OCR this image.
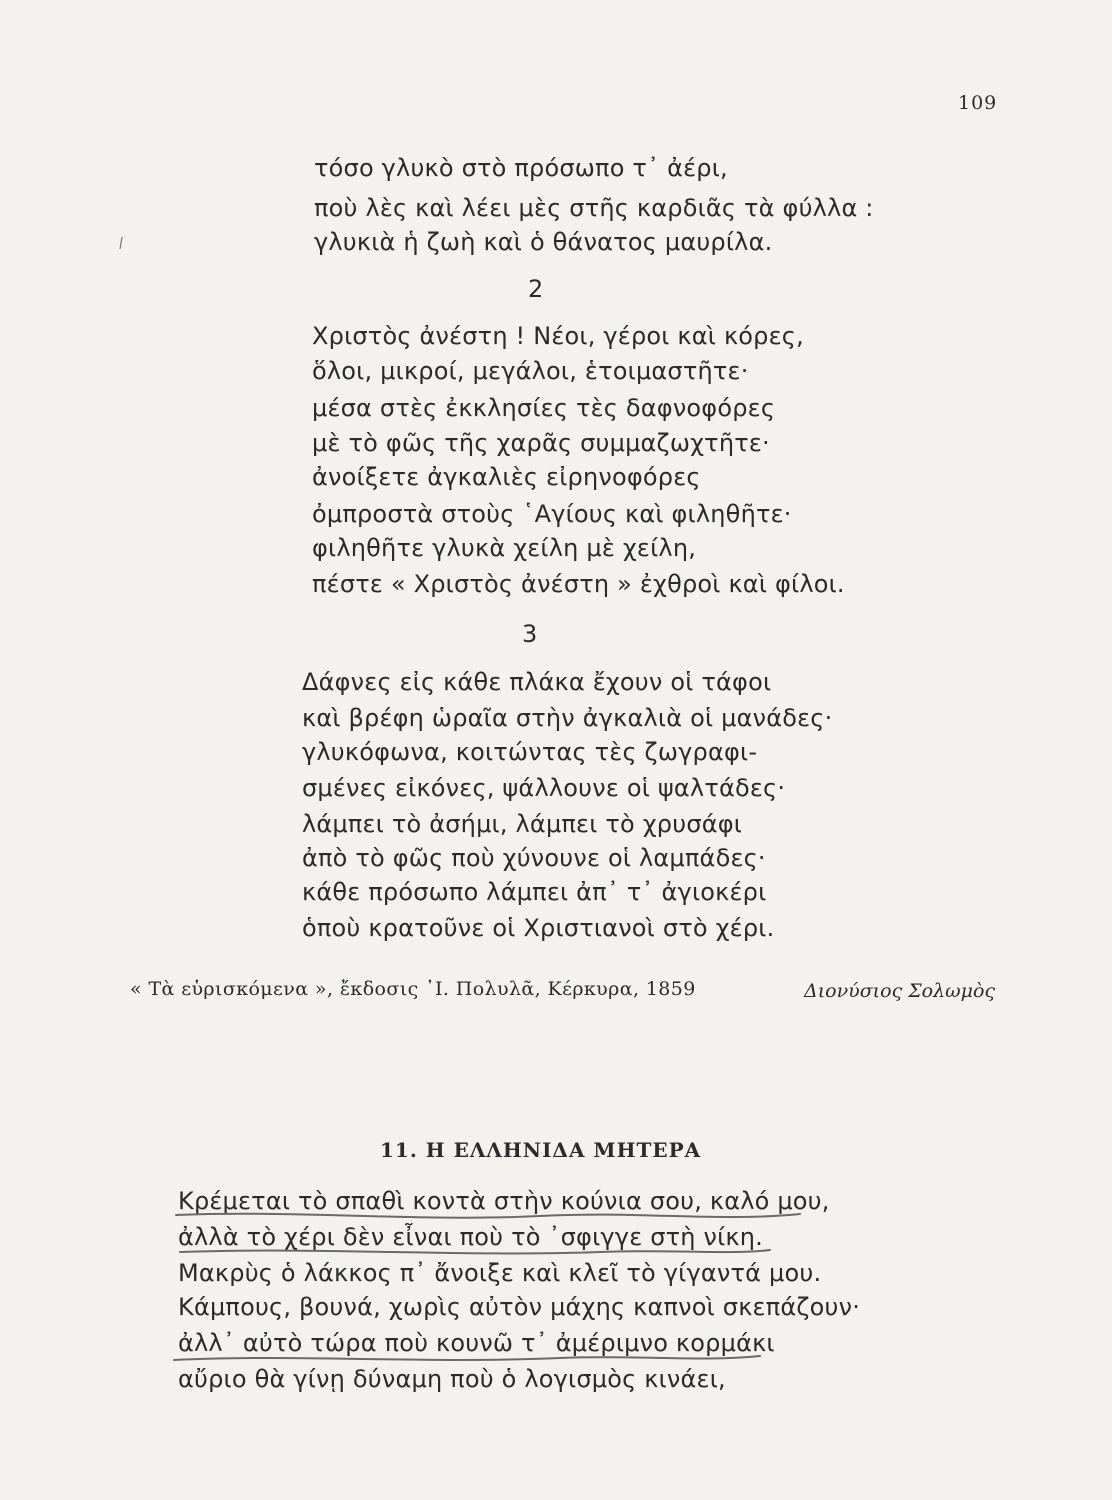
109
τόσο γλυκὸ στὸ πρόσωπο τ᾽ ἀέρι,
ποὺ λὲς καὶ λέει μὲς στῆς καρδιᾶς τὰ φύλλα :
γλυκιὰ ἡ ζωὴ καὶ ὁ θάνατος μαυρίλα.
2
Χριστὸς ἀνέστη ! Νέοι, γέροι καὶ κόρες,
ὅλοι, μικροί, μεγάλοι, ἑτοιμαστῆτε·
μέσα στὲς ἐκκλησίες τὲς δαφνοφόρες
μὲ τὸ φῶς τῆς χαρᾶς συμμαζωχτῆτε·
ἀνοίξετε ἀγκαλιὲς εἰρηνοφόρες
ὀμπροστὰ στοὺς ῾Αγίους καὶ φιληθῆτε·
φιληθῆτε γλυκὰ χείλη μὲ χείλη,
πέστε « Χριστὸς ἀνέστη » ἐχθροὶ καὶ φίλοι.
3
Δάφνες εἰς κάθε πλάκα ἔχουν οἱ τάφοι
καὶ βρέφη ὡραῖα στὴν ἀγκαλιὰ οἱ μανάδες·
γλυκόφωνα, κοιτώντας τὲς ζωγραφι-
σμένες εἰκόνες, ψάλλουνε οἱ ψαλτάδες·
λάμπει τὸ ἀσήμι, λάμπει τὸ χρυσάφι
ἀπὸ τὸ φῶς ποὺ χύνουνε οἱ λαμπάδες·
κάθε πρόσωπο λάμπει ἀπ᾽ τ᾽ ἀγιοκέρι
ὁποὺ κρατοῦνε οἱ Χριστιανοὶ στὸ χέρι.
« Τὰ εὑρισκόμενα », ἔκδοσις ᾽Ι. Πολυλᾶ, Κέρκυρα, 1859	Διονύσιος Σολωμὸς
11. Η ΕΛΛΗΝΙΔΑ ΜΗΤΕΡΑ
Κρέμεται τὸ σπαθὶ κοντὰ στὴν κούνια σου, καλό μου,
ἀλλὰ τὸ χέρι δὲν εἶναι ποὺ τὸ ᾽σφιγγε στὴ νίκη.
Μακρὺς ὁ λάκκος π᾽ ἄνοιξε καὶ κλεῖ τὸ γίγαντά μου.
Κάμπους, βουνά, χωρὶς αὐτὸν μάχης καπνοὶ σκεπάζουν·
ἀλλ᾽ αὐτὸ τώρα ποὺ κουνῶ τ᾽ ἀμέριμνο κορμάκι
αὔριο θὰ γίνῃ δύναμη ποὺ ὁ λογισμὸς κινάει,
